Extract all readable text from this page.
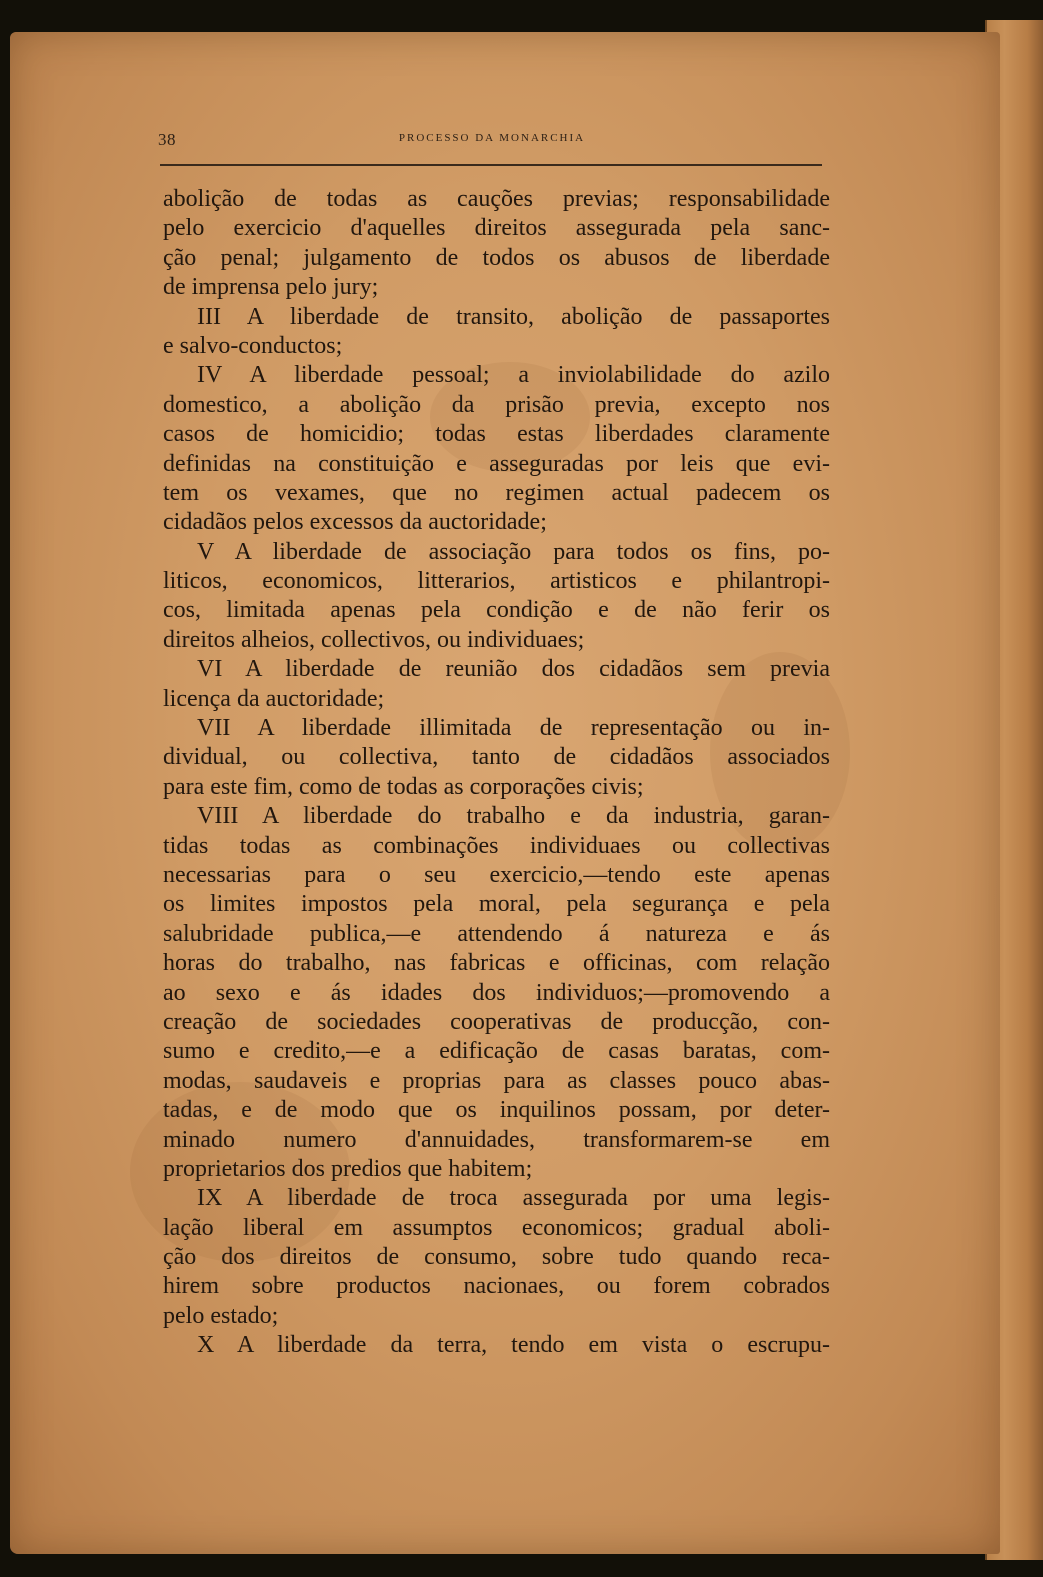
38	PROCESSO DA MONARCHIA
abolição de todas as cauções previas; responsabilidade
pelo exercicio d'aquelles direitos assegurada pela sanc-
ção penal; julgamento de todos os abusos de liberdade
de imprensa pelo jury;
III A liberdade de transito, abolição de passaportes
e salvo-conductos;
IV A liberdade pessoal; a inviolabilidade do azilo
domestico, a abolição da prisão previa, excepto nos
casos de homicidio; todas estas liberdades claramente
definidas na constituição e asseguradas por leis que evi-
tem os vexames, que no regimen actual padecem os
cidadãos pelos excessos da auctoridade;
V A liberdade de associação para todos os fins, po-
liticos, economicos, litterarios, artisticos e philantropi-
cos, limitada apenas pela condição e de não ferir os
direitos alheios, collectivos, ou individuaes;
VI A liberdade de reunião dos cidadãos sem previa
licença da auctoridade;
VII A liberdade illimitada de representação ou in-
dividual, ou collectiva, tanto de cidadãos associados
para este fim, como de todas as corporações civis;
VIII A liberdade do trabalho e da industria, garan-
tidas todas as combinações individuaes ou collectivas
necessarias para o seu exercicio,—tendo este apenas
os limites impostos pela moral, pela segurança e pela
salubridade publica,—e attendendo á natureza e ás
horas do trabalho, nas fabricas e officinas, com relação
ao sexo e ás idades dos individuos;—promovendo a
creação de sociedades cooperativas de producção, con-
sumo e credito,—e a edificação de casas baratas, com-
modas, saudaveis e proprias para as classes pouco abas-
tadas, e de modo que os inquilinos possam, por deter-
minado numero d'annuidades, transformarem-se em
proprietarios dos predios que habitem;
IX A liberdade de troca assegurada por uma legis-
lação liberal em assumptos economicos; gradual aboli-
ção dos direitos de consumo, sobre tudo quando reca-
hirem sobre productos nacionaes, ou forem cobrados
pelo estado;
X A liberdade da terra, tendo em vista o escrupu-
